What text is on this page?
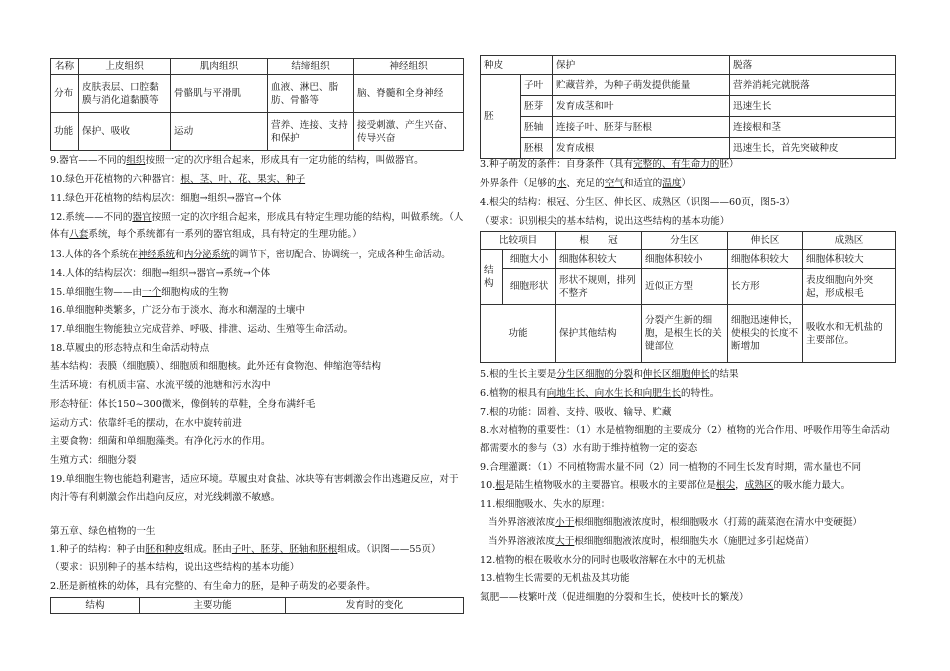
名称	上皮组织	肌肉组织	结缔组织	神经组织
分布	皮肤表层、口腔黏膜与消化道黏膜等	骨骼肌与平滑肌	血液、淋巴、脂肪、骨骼等	脑、脊髓和全身神经
功能	保护、吸收	运动	营养、连接、支持和保护	接受刺激、产生兴奋、传导兴奋
9.器官——不同的组织按照一定的次序组合起来，形成具有一定功能的结构，叫做器官。
10.绿色开花植物的六种器官：根、茎、叶、花、果实、种子
11.绿色开花植物的结构层次：细胞→组织→器官→个体
12.系统——不同的器官按照一定的次序组合起来，形成具有特定生理功能的结构，叫做系统。（人
体有八套系统，每个系统都有一系列的器官组成，具有特定的生理功能。）
13.人体的各个系统在神经系统和内分泌系统的调节下，密切配合、协调统一，完成各种生命活动。
14.人体的结构层次：细胞→组织→器官→系统→个体
15.单细胞生物——由一个细胞构成的生物
16.单细胞种类繁多，广泛分布于淡水、海水和潮湿的土壤中
17.单细胞生物能独立完成营养、呼吸、排泄、运动、生殖等生命活动。
18.草履虫的形态特点和生命活动特点
基本结构：表膜（细胞膜）、细胞质和细胞核。此外还有食物泡、伸缩泡等结构
生活环境：有机质丰富、水流平缓的池塘和污水沟中
形态特征：体长150~300微米，像倒转的草鞋，全身布满纤毛
运动方式：依靠纤毛的摆动，在水中旋转前进
主要食物：细菌和单细胞藻类。有净化污水的作用。
生殖方式：细胞分裂
19.单细胞生物也能趋利避害，适应环境。草履虫对食盐、冰块等有害刺激会作出逃避反应，对于
肉汁等有利刺激会作出趋向反应，对光线刺激不敏感。
第五章、绿色植物的一生
1.种子的结构：种子由胚和种皮组成。胚由子叶、胚芽、胚轴和胚根组成。（识图——55页）
（要求：识别种子的基本结构，说出这些结构的基本功能）
2.胚是新植株的幼体，具有完整的、有生命力的胚，是种子萌发的必要条件。
结构	主要功能	发育时的变化
种皮		保护	脱落
胚	子叶	贮藏营养，为种子萌发提供能量	营养消耗完就脱落
	胚芽	发育成茎和叶	迅速生长
	胚轴	连接子叶、胚芽与胚根	连接根和茎
	胚根	发育成根	迅速生长，首先突破种皮
3.种子萌发的条件：自身条件（具有完整的、有生命力的胚）
外界条件（足够的水、充足的空气和适宜的温度）
4.根尖的结构：根冠、分生区、伸长区、成熟区（识图——60页，图5-3）
（要求：识别根尖的基本结构，说出这些结构的基本功能）
比较项目		根　　冠	分生区	伸长区	成熟区
结构	细胞大小	细胞体积较大	细胞体积较小	细胞体积较大	细胞体积较大
	细胞形状	形状不规则，排列不整齐	近似正方型	长方形	表皮细胞向外突起，形成根毛
功能		保护其他结构	分裂产生新的细胞，是根生长的关键部位	细胞迅速伸长，使根尖的长度不断增加	吸收水和无机盐的主要部位。
5.根的生长主要是分生区细胞的分裂和伸长区细胞伸长的结果
6.植物的根具有向地生长、向水生长和向肥生长的特性。
7.根的功能：固着、支持、吸收、输导、贮藏
8.水对植物的重要性：（1）水是植物细胞的主要成分（2）植物的光合作用、呼吸作用等生命活动
都需要水的参与（3）水有助于维持植物一定的姿态
9.合理灌溉：（1）不同植物需水量不同（2）同一植物的不同生长发育时期，需水量也不同
10.根是陆生植物吸水的主要器官。根吸水的主要部位是根尖，成熟区的吸水能力最大。
11.根细胞吸水、失水的原理：
当外界溶液浓度小于根细胞细胞液浓度时，根细胞吸水（打蔫的蔬菜泡在清水中变硬挺）
当外界溶液浓度大于根细胞细胞液浓度时，根细胞失水（施肥过多引起烧苗）
12.植物的根在吸收水分的同时也吸收溶解在水中的无机盐
13.植物生长需要的无机盐及其功能
氮肥——枝繁叶茂（促进细胞的分裂和生长，使枝叶长的繁茂）
